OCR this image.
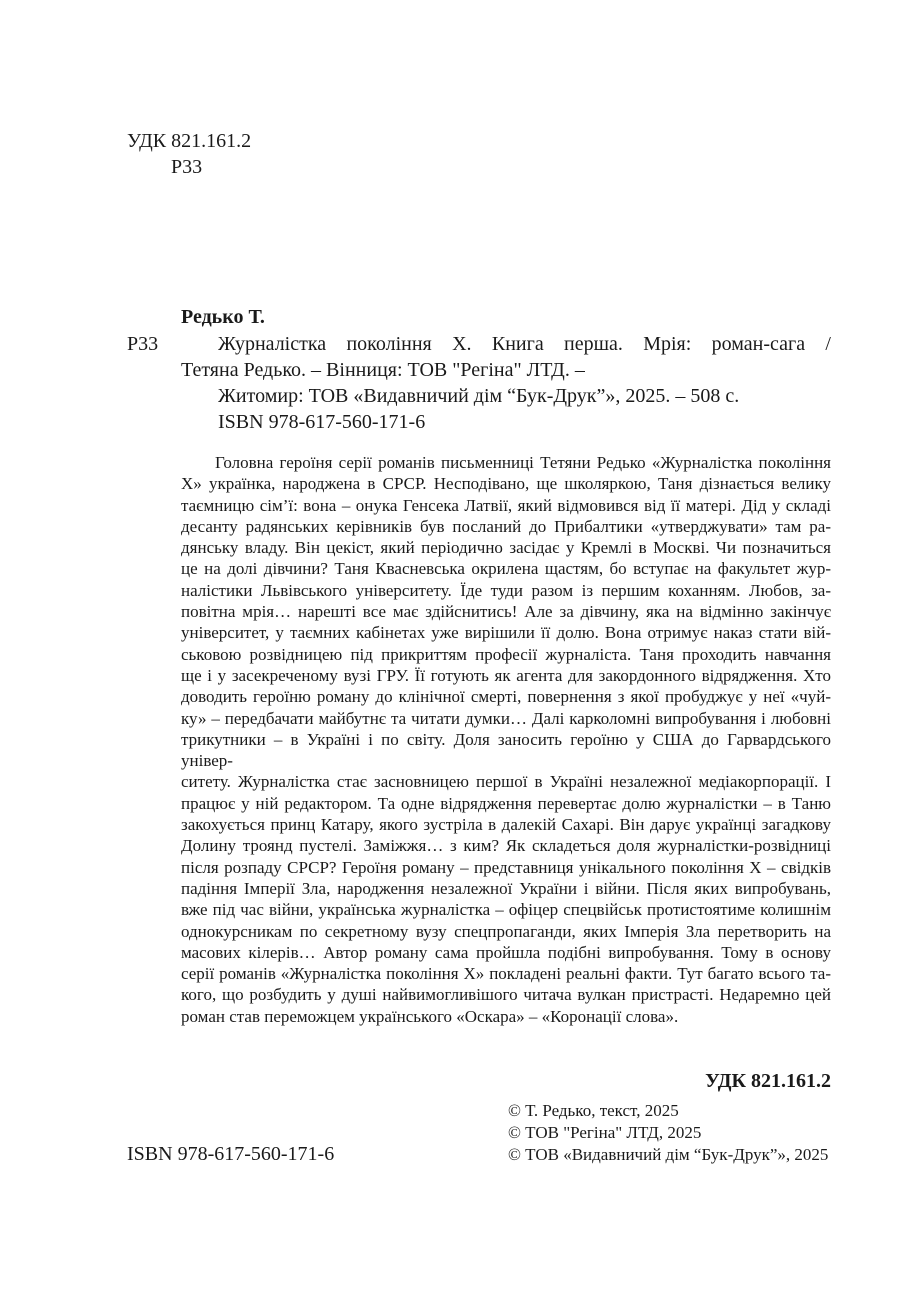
УДК 821.161.2
Р33
Редько Т.
Р33	Журналістка покоління Х. Книга перша. Мрія: роман-сага /
Тетяна Редько. – Вінниця: ТОВ "Регіна" ЛТД. –
Житомир: ТОВ «Видавничий дім “Бук-Друк”», 2025. – 508 с.
ISBN 978-617-560-171-6
Головна героїня серії романів письменниці Тетяни Редько «Журналістка покоління
Х» українка, народжена в СРСР. Несподівано, ще школяркою, Таня дізнається велику
таємницю сім’ї: вона – онука Генсека Латвії, який відмовився від її матері. Дід у складі
десанту радянських керівників був посланий до Прибалтики «утверджувати» там ра-
дянську владу. Він цекіст, який періодично засідає у Кремлі в Москві. Чи позначиться
це на долі дівчини? Таня Квасневська окрилена щастям, бо вступає на факультет жур-
налістики Львівського університету. Їде туди разом із першим коханням. Любов, за-
повітна мрія… нарешті все має здійснитись! Але за дівчину, яка на відмінно закінчує
університет, у таємних кабінетах уже вирішили її долю. Вона отримує наказ стати вій-
ськовою розвідницею під прикриттям професії журналіста. Таня проходить навчання
ще і у засекреченому вузі ГРУ. Її готують як агента для закордонного відрядження. Хто
доводить героїню роману до клінічної смерті, повернення з якої пробуджує у неї «чуй-
ку» – передбачати майбутнє та читати думки… Далі карколомні випробування і любовні
трикутники – в Україні і по світу. Доля заносить героїню у США до Гарвардського універ-
ситету. Журналістка стає засновницею першої в Україні незалежної медіакорпорації. І
працює у ній редактором. Та одне відрядження перевертає долю журналістки – в Таню
закохується принц Катару, якого зустріла в далекій Сахарі. Він дарує українці загадкову
Долину троянд пустелі. Заміжжя… з ким? Як складеться доля журналістки-розвідниці
після розпаду СРСР? Героїня роману – представниця унікального покоління Х – свідків
падіння Імперії Зла, народження незалежної України і війни. Після яких випробувань,
вже під час війни, українська журналістка – офіцер спецвійськ протистоятиме колишнім
однокурсникам по секретному вузу спецпропаганди, яких Імперія Зла перетворить на
масових кілерів… Автор роману сама пройшла подібні випробування. Тому в основу
серії романів «Журналістка покоління Х» покладені реальні факти. Тут багато всього та-
кого, що розбудить у душі найвимогливішого читача вулкан пристрасті. Недаремно цей
роман став переможцем українського «Оскара» – «Коронації слова».
УДК 821.161.2
ISBN 978-617-560-171-6
© Т. Редько, текст, 2025
© ТОВ "Регіна" ЛТД, 2025
© ТОВ «Видавничий дім “Бук-Друк”», 2025
